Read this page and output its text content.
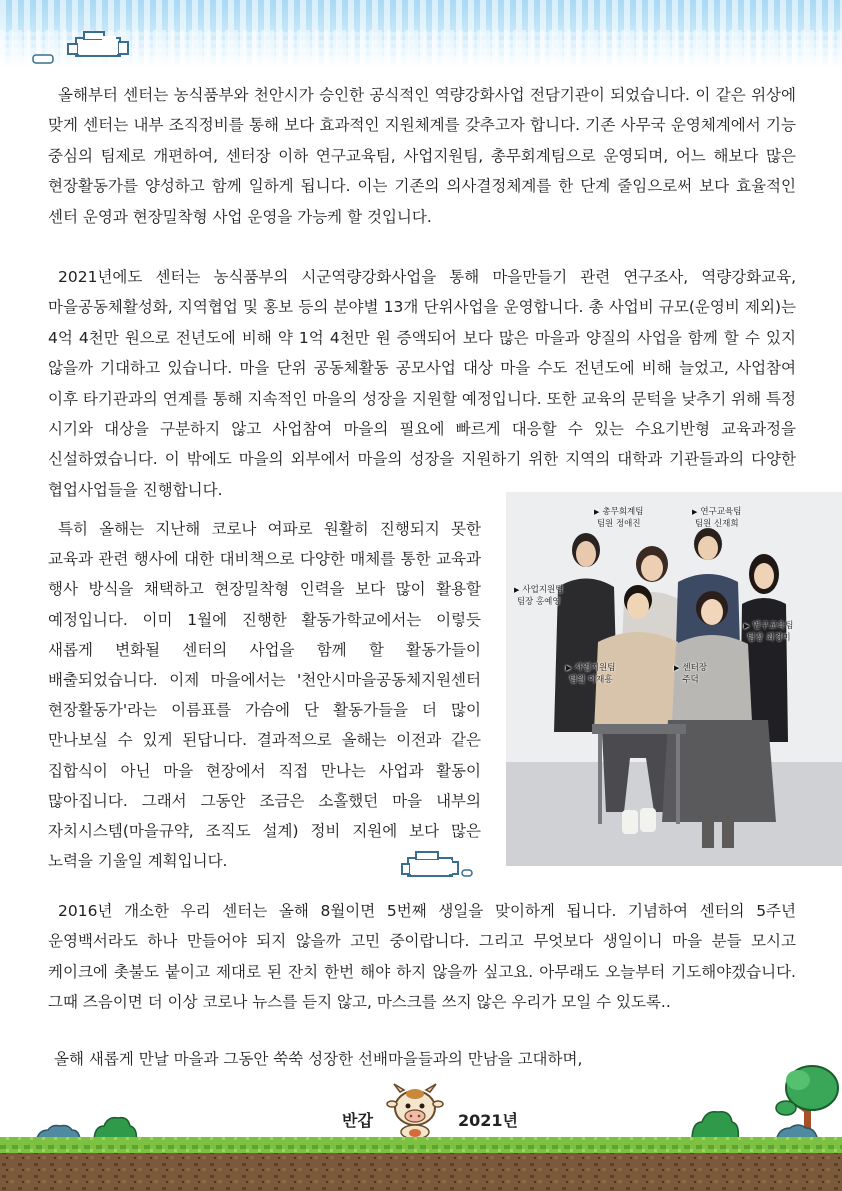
올해부터 센터는 농식품부와 천안시가 승인한 공식적인 역량강화사업 전담기관이 되었습니다. 이 같은 위상에 맞게 센터는 내부 조직정비를 통해 보다 효과적인 지원체계를 갖추고자 합니다. 기존 사무국 운영체계에서 기능 중심의 팀제로 개편하여, 센터장 이하 연구교육팀, 사업지원팀, 총무회계팀으로 운영되며, 어느 해보다 많은 현장활동가를 양성하고 함께 일하게 됩니다. 이는 기존의 의사결정체계를 한 단계 줄임으로써 보다 효율적인 센터 운영과 현장밀착형 사업 운영을 가능케 할 것입니다.

2021년에도 센터는 농식품부의 시군역량강화사업을 통해 마을만들기 관련 연구조사, 역량강화교육, 마을공동체활성화, 지역협업 및 홍보 등의 분야별 13개 단위사업을 운영합니다. 총 사업비 규모(운영비 제외)는 4억 4천만 원으로 전년도에 비해 약 1억 4천만 원 증액되어 보다 많은 마을과 양질의 사업을 함께 할 수 있지 않을까 기대하고 있습니다. 마을 단위 공동체활동 공모사업 대상 마을 수도 전년도에 비해 늘었고, 사업참여 이후 타기관과의 연계를 통해 지속적인 마을의 성장을 지원할 예정입니다. 또한 교육의 문턱을 낮추기 위해 특정 시기와 대상을 구분하지 않고 사업참여 마을의 필요에 빠르게 대응할 수 있는 수요기반형 교육과정을 신설하였습니다. 이 밖에도 마을의 외부에서 마을의 성장을 지원하기 위한 지역의 대학과 기관들과의 다양한 협업사업들을 진행합니다.

특히 올해는 지난해 코로나 여파로 원활히 진행되지 못한 교육과 관련 행사에 대한 대비책으로 다양한 매체를 통한 교육과 행사 방식을 채택하고 현장밀착형 인력을 보다 많이 활용할 예정입니다. 이미 1월에 진행한 활동가학교에서는 이렇듯 새롭게 변화될 센터의 사업을 함께 할 활동가들이 배출되었습니다. 이제 마을에서는 '천안시마을공동체지원센터 현장활동가'라는 이름표를 가슴에 단 활동가들을 더 많이 만나보실 수 있게 된답니다. 결과적으로 올해는 이전과 같은 집합식이 아닌 마을 현장에서 직접 만나는 사업과 활동이 많아집니다. 그래서 그동안 조금은 소홀했던 마을 내부의 자치시스템(마을규약, 조직도 설계) 정비 지원에 보다 많은 노력을 기울일 계획입니다.

▶ 총무회계팀
팀원 정애진
▶ 연구교육팀
팀원 신재희
▶ 사업지원팀
팀장 홍예영
▶ 연구교육팀
팀장 최경미
▶ 사업지원팀
팀원 이재흥
▶ 센터장
주덕

2016년 개소한 우리 센터는 올해 8월이면 5번째 생일을 맞이하게 됩니다. 기념하여 센터의 5주년 운영백서라도 하나 만들어야 되지 않을까 고민 중이랍니다. 그리고 무엇보다 생일이니 마을 분들 모시고 케이크에 촛불도 붙이고 제대로 된 잔치 한번 해야 하지 않을까 싶고요. 아무래도 오늘부터 기도해야겠습니다. 그때 즈음이면 더 이상 코로나 뉴스를 듣지 않고, 마스크를 쓰지 않은 우리가 모일 수 있도록..

올해 새롭게 만날 마을과 그동안 쑥쑥 성장한 선배마을들과의 만남을 고대하며,

반갑	2021년
